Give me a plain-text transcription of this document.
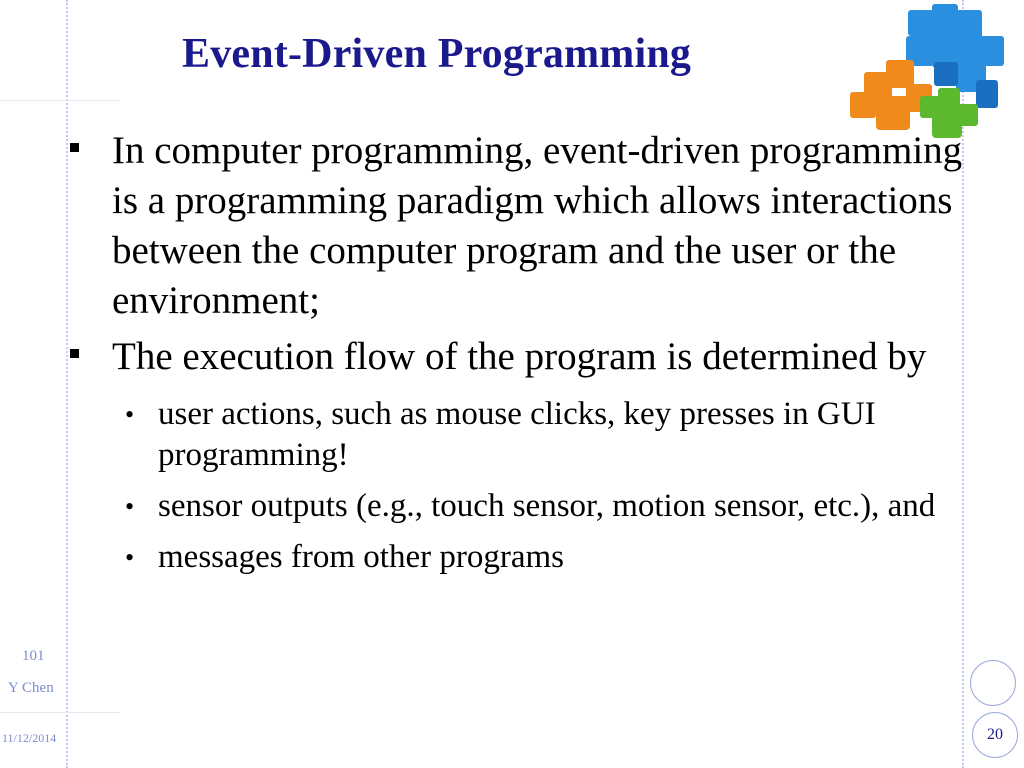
Event-Driven Programming
In computer programming, event-driven programming is a programming paradigm which allows interactions between the computer program and the user or the environment;
The execution flow of the program is determined by
• user actions, such as mouse clicks, key presses in GUI programming!
• sensor outputs (e.g., touch sensor, motion sensor, etc.), and
• messages from other programs
101
Y Chen
11/12/2014	20
